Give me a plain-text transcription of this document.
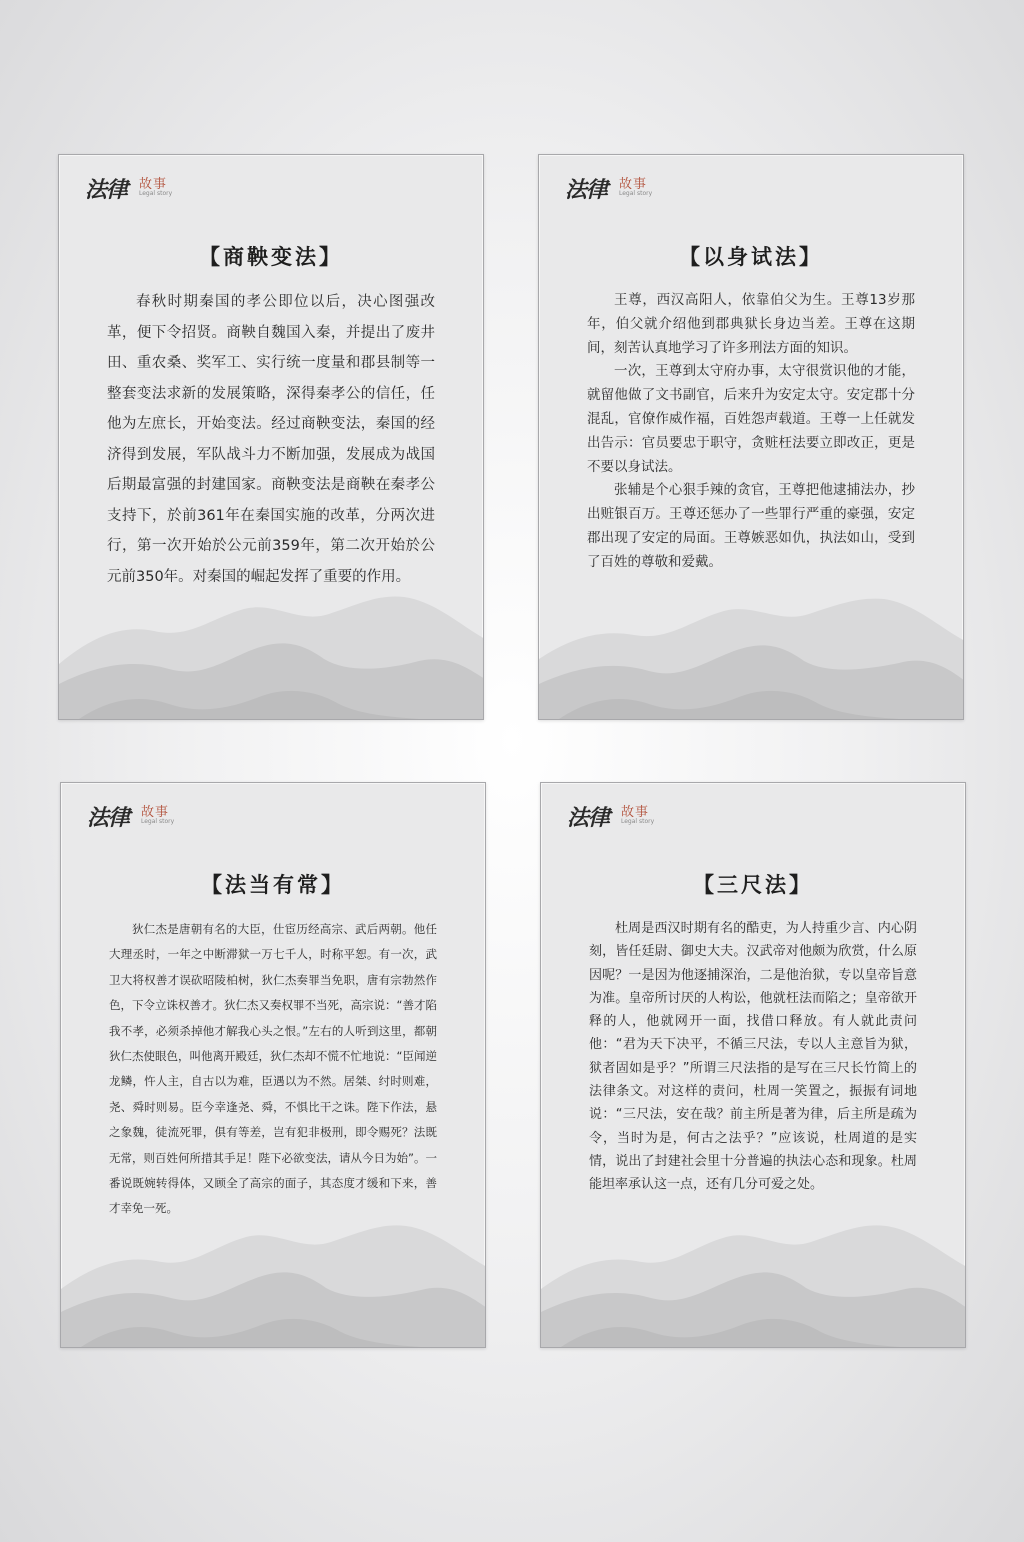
法律 故事
Legal story
【商鞅变法】

春秋时期秦国的孝公即位以后，决心图强改革，便下令招贤。商鞅自魏国入秦，并提出了废井田、重农桑、奖军工、实行统一度量和郡县制等一整套变法求新的发展策略，深得秦孝公的信任，任他为左庶长，开始变法。经过商鞅变法，秦国的经济得到发展，军队战斗力不断加强，发展成为战国后期最富强的封建国家。商鞅变法是商鞅在秦孝公支持下，於前361年在秦国实施的改革，分两次进行，第一次开始於公元前359年，第二次开始於公元前350年。对秦国的崛起发挥了重要的作用。

法律 故事
Legal story
【以身试法】

王尊，西汉高阳人，依靠伯父为生。王尊13岁那年，伯父就介绍他到郡典狱长身边当差。王尊在这期间，刻苦认真地学习了许多刑法方面的知识。

一次，王尊到太守府办事，太守很赏识他的才能，就留他做了文书副官，后来升为安定太守。安定郡十分混乱，官僚作威作福，百姓怨声载道。王尊一上任就发出告示：官员要忠于职守，贪赃枉法要立即改正，更是不要以身试法。

张辅是个心狠手辣的贪官，王尊把他逮捕法办，抄出赃银百万。王尊还惩办了一些罪行严重的豪强，安定郡出现了安定的局面。王尊嫉恶如仇，执法如山，受到了百姓的尊敬和爱戴。

法律 故事
Legal story
【法当有常】

狄仁杰是唐朝有名的大臣，仕宦历经高宗、武后两朝。他任大理丞时，一年之中断滞狱一万七千人，时称平恕。有一次，武卫大将权善才误砍昭陵柏树，狄仁杰奏罪当免职，唐有宗勃然作色，下令立诛权善才。狄仁杰又奏权罪不当死，高宗说：“善才陷我不孝，必须杀掉他才解我心头之恨。”左右的人听到这里，都朝狄仁杰使眼色，叫他离开殿廷，狄仁杰却不慌不忙地说：“臣闻逆龙鳞，忤人主，自古以为难，臣遇以为不然。居桀、纣时则难，尧、舜时则易。臣今幸逢尧、舜，不惧比干之诛。陛下作法，悬之象魏，徒流死罪，俱有等差，岂有犯非极刑，即令赐死？法既无常，则百姓何所措其手足！陛下必欲变法，请从今日为始”。一番说既婉转得体，又顾全了高宗的面子，其态度才缓和下来，善才幸免一死。

法律 故事
Legal story
【三尺法】

杜周是西汉时期有名的酷吏，为人持重少言、内心阴刻，皆任廷尉、御史大夫。汉武帝对他颇为欣赏，什么原因呢？一是因为他逐捕深治，二是他治狱，专以皇帝旨意为准。皇帝所讨厌的人构讼，他就枉法而陷之；皇帝欲开释的人，他就网开一面，找借口释放。有人就此责问他：“君为天下决平，不循三尺法，专以人主意旨为狱，狱者固如是乎？”所谓三尺法指的是写在三尺长竹简上的法律条文。对这样的责问，杜周一笑置之，振振有词地说：“三尺法，安在哉？前主所是著为律，后主所是疏为令，当时为是，何古之法乎？”应该说，杜周道的是实情，说出了封建社会里十分普遍的执法心态和现象。杜周能坦率承认这一点，还有几分可爱之处。
